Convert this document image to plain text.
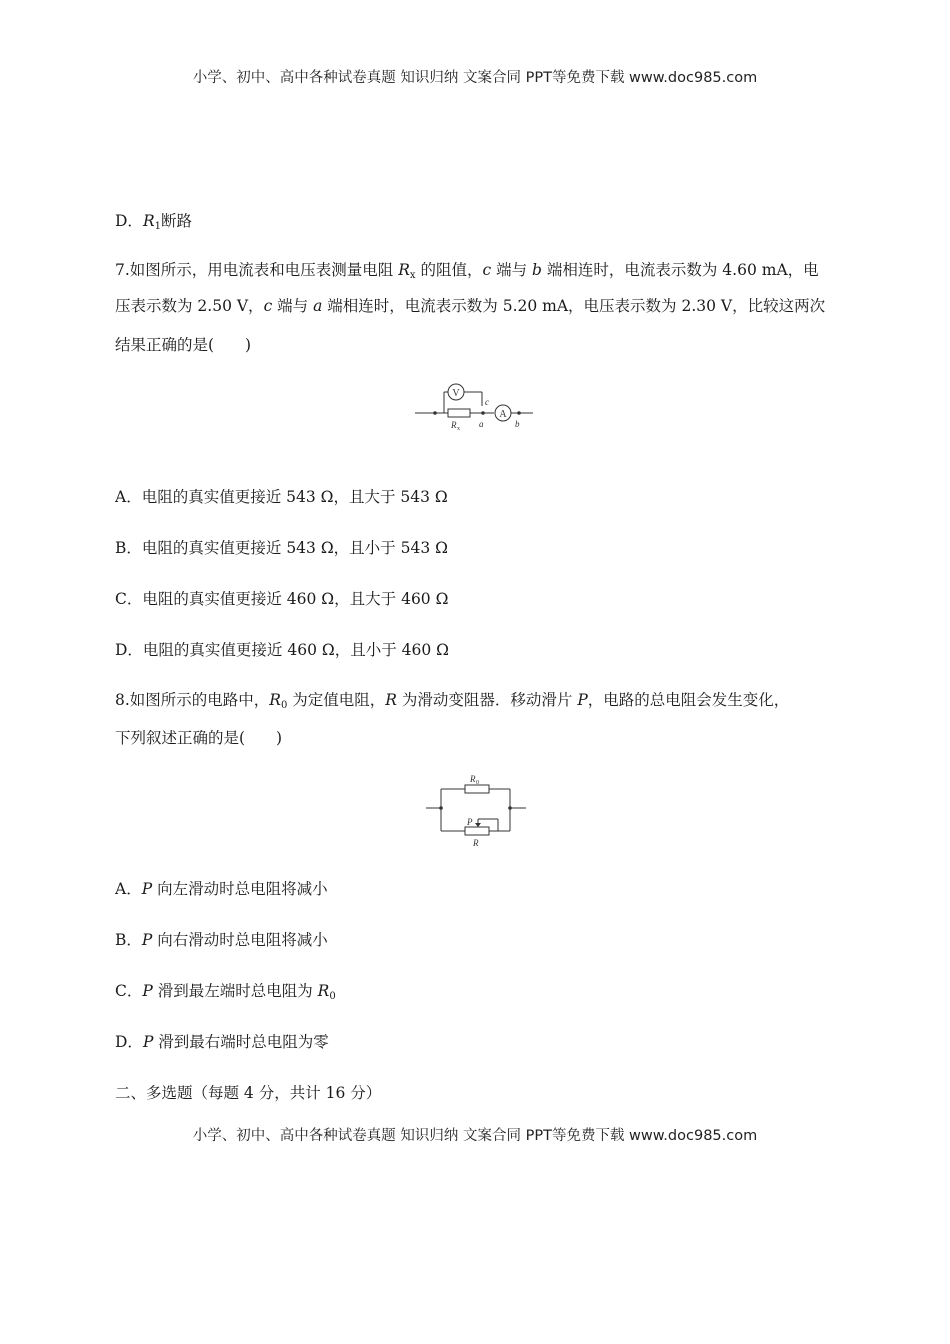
小学、初中、高中各种试卷真题 知识归纳 文案合同 PPT等免费下载 www.doc985.com
D．$R_1$断路
7.如图所示，用电流表和电压表测量电阻 $R_x$ 的阻值，c 端与 b 端相连时，电流表示数为 4.60 mA，电
压表示数为 2.50 V，c 端与 a 端相连时，电流表示数为 5.20 mA，电压表示数为 2.30 V，比较这两次
结果正确的是(　　)
V
A
c
R x a	b
A．电阻的真实值更接近 543 Ω，且大于 543 Ω
B．电阻的真实值更接近 543 Ω，且小于 543 Ω
C．电阻的真实值更接近 460 Ω，且大于 460 Ω
D．电阻的真实值更接近 460 Ω，且小于 460 Ω
8.如图所示的电路中，$R_0$ 为定值电阻，R 为滑动变阻器．移动滑片 P，电路的总电阻会发生变化，
下列叙述正确的是(　　)
R 0
P
R
A．P 向左滑动时总电阻将减小
B．P 向右滑动时总电阻将减小
C．P 滑到最左端时总电阻为 $R_0$
D．P 滑到最右端时总电阻为零
二、多选题（每题 4 分，共计 16 分）
小学、初中、高中各种试卷真题 知识归纳 文案合同 PPT等免费下载 www.doc985.com
